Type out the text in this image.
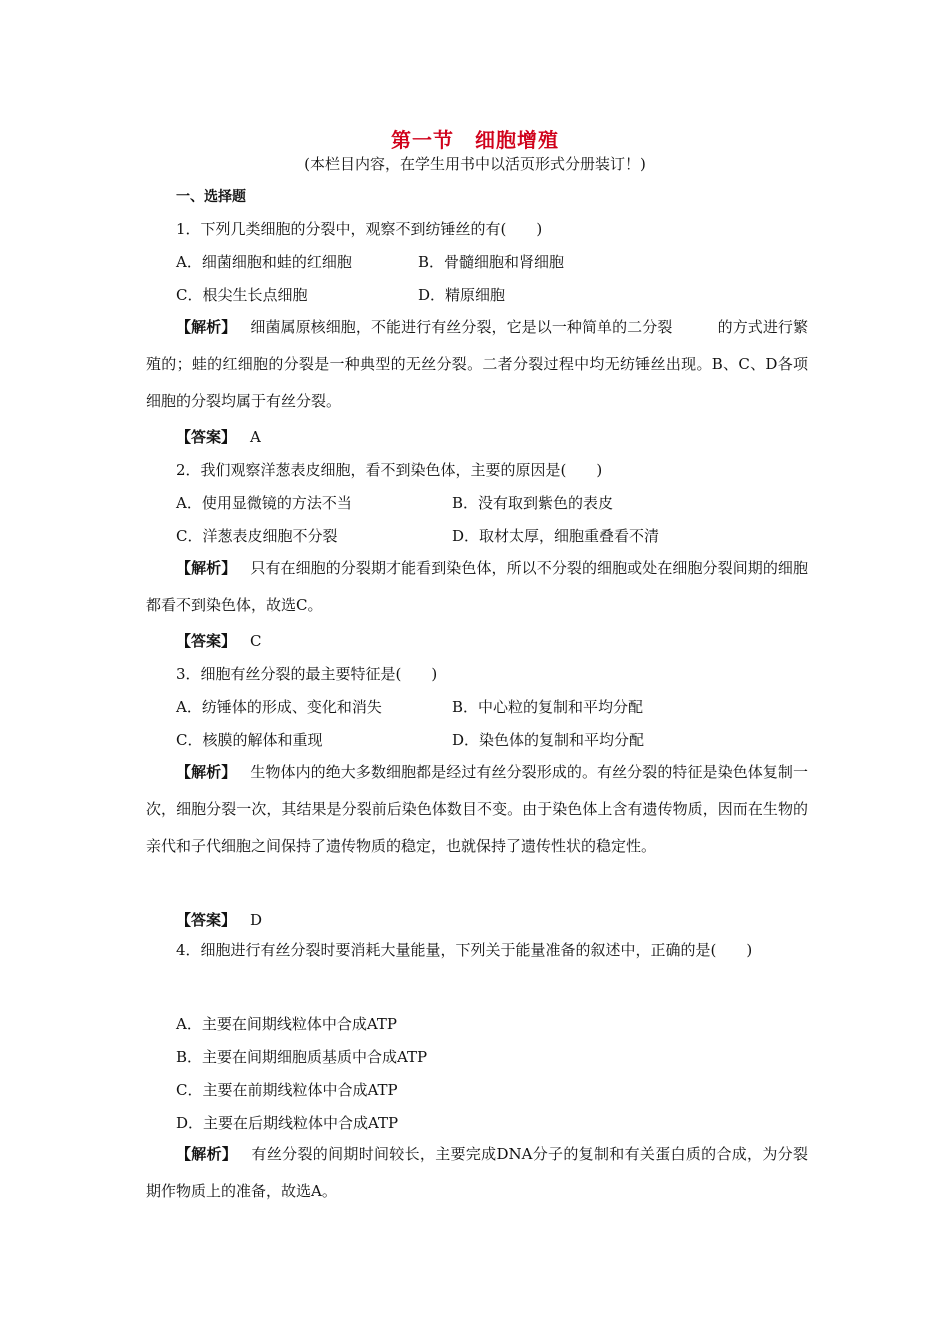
第一节　细胞增殖
(本栏目内容，在学生用书中以活页形式分册装订！)
一、选择题
1．下列几类细胞的分裂中，观察不到纺锤丝的有(　　)
A．细菌细胞和蛙的红细胞	B．骨髓细胞和肾细胞
C．根尖生长点细胞	D．精原细胞
【解析】 细菌属原核细胞，不能进行有丝分裂，它是以一种简单的二分裂　　　的方式进行繁殖的；蛙的红细胞的分裂是一种典型的无丝分裂。二者分裂过程中均无纺锤丝出现。B、C、D各项细胞的分裂均属于有丝分裂。
【答案】 A
2．我们观察洋葱表皮细胞，看不到染色体，主要的原因是(　　)
A．使用显微镜的方法不当	B．没有取到紫色的表皮
C．洋葱表皮细胞不分裂	D．取材太厚，细胞重叠看不清
【解析】 只有在细胞的分裂期才能看到染色体，所以不分裂的细胞或处在细胞分裂间期的细胞都看不到染色体，故选C。
【答案】 C
3．细胞有丝分裂的最主要特征是(　　)
A．纺锤体的形成、变化和消失	B．中心粒的复制和平均分配
C．核膜的解体和重现	D．染色体的复制和平均分配
【解析】 生物体内的绝大多数细胞都是经过有丝分裂形成的。有丝分裂的特征是染色体复制一次，细胞分裂一次，其结果是分裂前后染色体数目不变。由于染色体上含有遗传物质，因而在生物的亲代和子代细胞之间保持了遗传物质的稳定，也就保持了遗传性状的稳定性。
【答案】 D
4．细胞进行有丝分裂时要消耗大量能量，下列关于能量准备的叙述中，正确的是(　　)
A．主要在间期线粒体中合成ATP
B．主要在间期细胞质基质中合成ATP
C．主要在前期线粒体中合成ATP
D．主要在后期线粒体中合成ATP
【解析】 有丝分裂的间期时间较长，主要完成DNA分子的复制和有关蛋白质的合成，为分裂期作物质上的准备，故选A。
